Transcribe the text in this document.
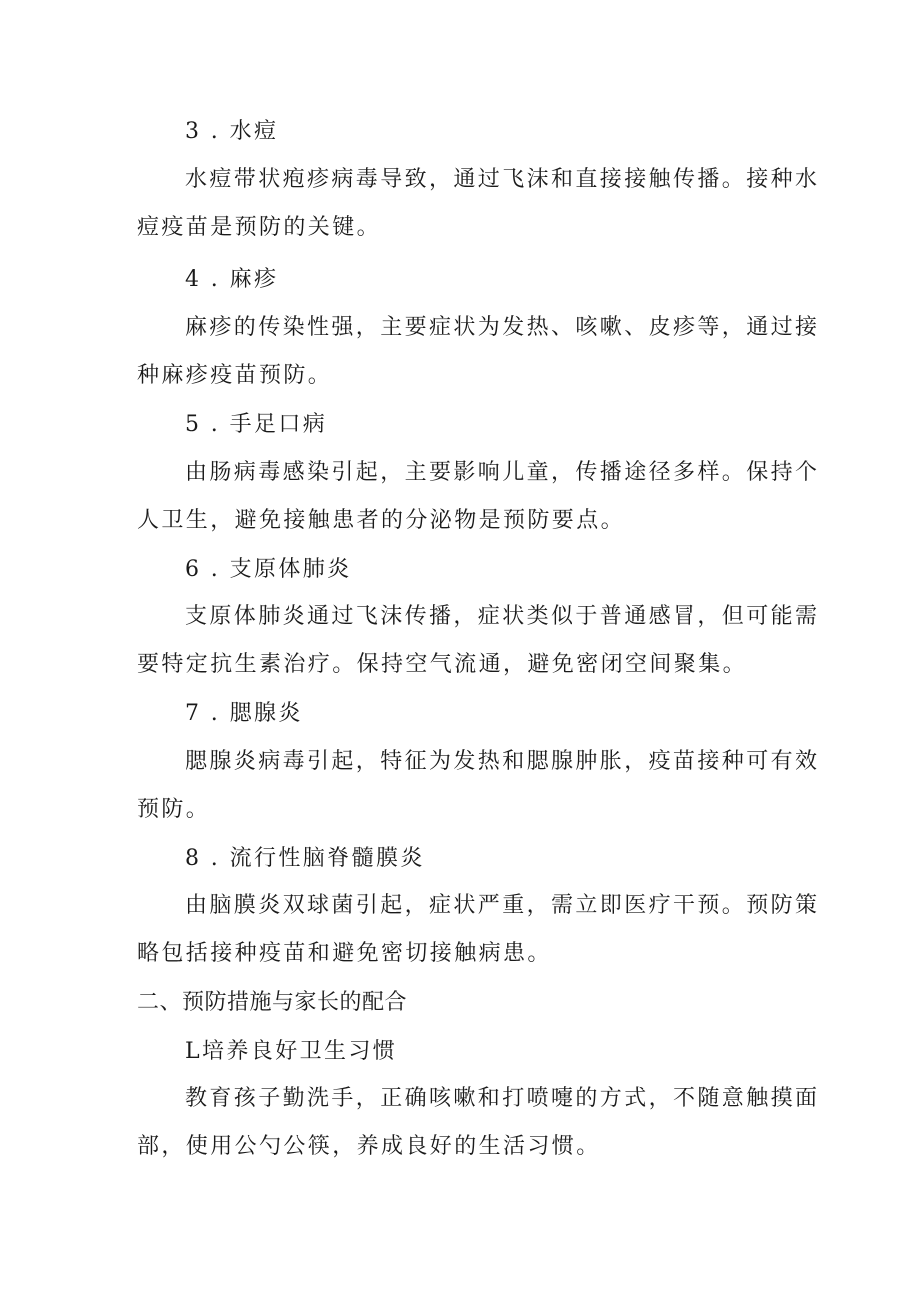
3 . 水痘
水痘带状疱疹病毒导致，通过飞沫和直接接触传播。接种水
痘疫苗是预防的关键。
4 . 麻疹
麻疹的传染性强，主要症状为发热、咳嗽、皮疹等，通过接
种麻疹疫苗预防。
5 . 手足口病
由肠病毒感染引起，主要影响儿童，传播途径多样。保持个
人卫生，避免接触患者的分泌物是预防要点。
6 . 支原体肺炎
支原体肺炎通过飞沫传播，症状类似于普通感冒，但可能需
要特定抗生素治疗。保持空气流通，避免密闭空间聚集。
7 . 腮腺炎
腮腺炎病毒引起，特征为发热和腮腺肿胀，疫苗接种可有效
预防。
8 . 流行性脑脊髓膜炎
由脑膜炎双球菌引起，症状严重，需立即医疗干预。预防策
略包括接种疫苗和避免密切接触病患。
二、预防措施与家长的配合
L培养良好卫生习惯
教育孩子勤洗手，正确咳嗽和打喷嚏的方式，不随意触摸面
部，使用公勺公筷，养成良好的生活习惯。
